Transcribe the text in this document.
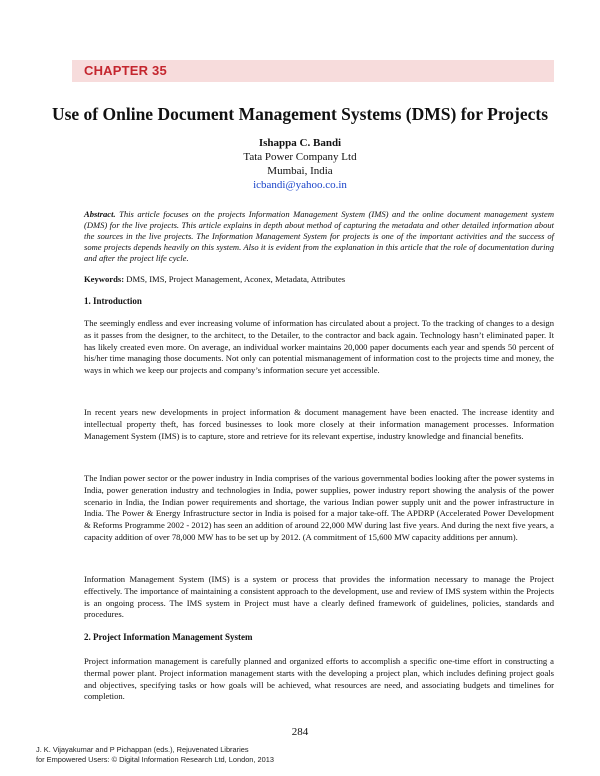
CHAPTER 35
Use of Online Document Management Systems (DMS) for Projects
Ishappa C. Bandi
Tata Power Company Ltd
Mumbai, India
icbandi@yahoo.co.in
Abstract. This article focuses on the projects Information Management System (IMS) and the online document management system (DMS) for the live projects. This article explains in depth about method of capturing the metadata and other detailed information about the sources in the live projects. The Information Management System for projects is one of the important activities and the success of some projects depends heavily on this system. Also it is evident from the explanation in this article that the role of documentation during and after the project life cycle.
Keywords: DMS, IMS, Project Management, Aconex, Metadata, Attributes
1. Introduction
The seemingly endless and ever increasing volume of information has circulated about a project. To the tracking of changes to a design as it passes from the designer, to the architect, to the Detailer, to the contractor and back again. Technology hasn’t eliminated paper. It has likely created even more. On average, an individual worker maintains 20,000 paper documents each year and spends 50 percent of his/her time managing those documents. Not only can potential mismanagement of information cost to the projects time and money, the ways in which we keep our projects and company’s information secure yet accessible.
In recent years new developments in project information & document management have been enacted. The increase identity and intellectual property theft, has forced businesses to look more closely at their information management processes. Information Management System (IMS) is to capture, store and retrieve for its relevant expertise, industry knowledge and financial benefits.
The Indian power sector or the power industry in India comprises of the various governmental bodies looking after the power systems in India, power generation industry and technologies in India, power supplies, power industry report showing the analysis of the power scenario in India, the Indian power requirements and shortage, the various Indian power supply unit and the power infrastructure in India. The Power & Energy Infrastructure sector in India is poised for a major take-off. The APDRP (Accelerated Power Development & Reforms Programme 2002 - 2012) has seen an addition of around 22,000 MW during last five years. And during the next five years, a capacity addition of over 78,000 MW has to be set up by 2012. (A commitment of 15,600 MW capacity additions per annum).
Information Management System (IMS) is a system or process that provides the information necessary to manage the Project effectively. The importance of maintaining a consistent approach to the development, use and review of IMS system within the Projects is an ongoing process. The IMS system in Project must have a clearly defined framework of guidelines, policies, standards and procedures.
2. Project Information Management System
Project information management is carefully planned and organized efforts to accomplish a specific one-time effort in constructing a thermal power plant. Project information management starts with the developing a project plan, which includes defining project goals and objectives, specifying tasks or how goals will be achieved, what resources are need, and associating budgets and timelines for completion.
284
J. K. Vijayakumar and P Pichappan (eds.), Rejuvenated Libraries
for Empowered Users: © Digital Information Research Ltd, London, 2013
